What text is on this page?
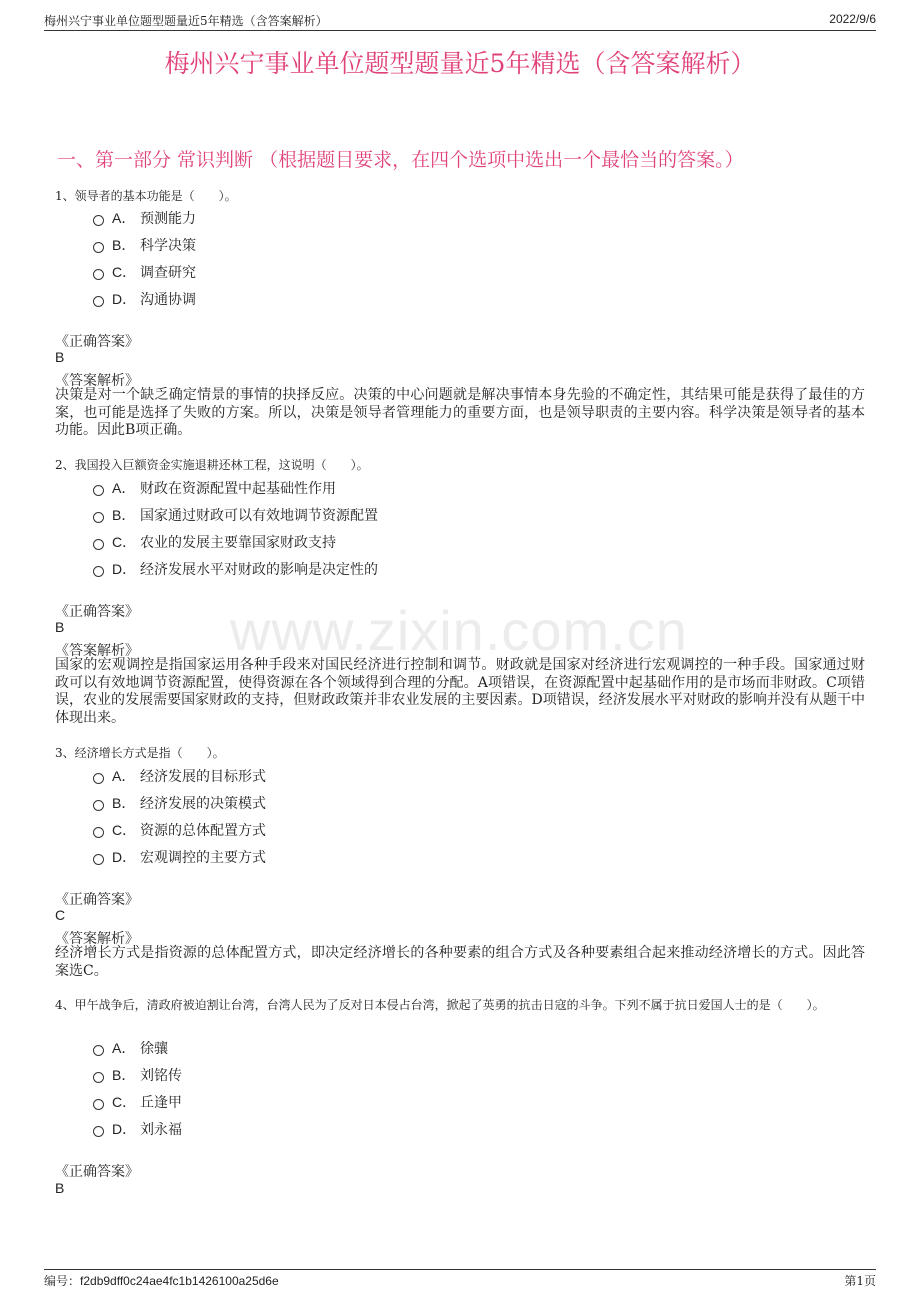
梅州兴宁事业单位题型题量近5年精选（含答案解析）	2022/9/6
www.zixin.com.cn
梅州兴宁事业单位题型题量近5年精选（含答案解析）
一、第一部分 常识判断 （根据题目要求，在四个选项中选出一个最恰当的答案。）
1、领导者的基本功能是（　　）。
A． 预测能力
B． 科学决策
C． 调查研究
D． 沟通协调
《正确答案》
B
《答案解析》
决策是对一个缺乏确定情景的事情的抉择反应。决策的中心问题就是解决事情本身先验的不确定性，其结果可能是获得了最佳的方案，也可能是选择了失败的方案。所以，决策是领导者管理能力的重要方面，也是领导职责的主要内容。科学决策是领导者的基本功能。因此B项正确。
2、我国投入巨额资金实施退耕还林工程，这说明（　　）。
A． 财政在资源配置中起基础性作用
B． 国家通过财政可以有效地调节资源配置
C． 农业的发展主要靠国家财政支持
D． 经济发展水平对财政的影响是决定性的
《正确答案》
B
《答案解析》
国家的宏观调控是指国家运用各种手段来对国民经济进行控制和调节。财政就是国家对经济进行宏观调控的一种手段。国家通过财政可以有效地调节资源配置，使得资源在各个领域得到合理的分配。A项错误，在资源配置中起基础作用的是市场而非财政。C项错误，农业的发展需要国家财政的支持，但财政政策并非农业发展的主要因素。D项错误，经济发展水平对财政的影响并没有从题干中体现出来。
3、经济增长方式是指（　　）。
A． 经济发展的目标形式
B． 经济发展的决策模式
C． 资源的总体配置方式
D． 宏观调控的主要方式
《正确答案》
C
《答案解析》
经济增长方式是指资源的总体配置方式，即决定经济增长的各种要素的组合方式及各种要素组合起来推动经济增长的方式。因此答案选C。
4、甲午战争后，清政府被迫割让台湾，台湾人民为了反对日本侵占台湾，掀起了英勇的抗击日寇的斗争。下列不属于抗日爱国人士的是（　　）。
A． 徐骧
B． 刘铭传
C． 丘逢甲
D． 刘永福
《正确答案》
B
编号：f2db9dff0c24ae4fc1b1426100a25d6e	第1页
